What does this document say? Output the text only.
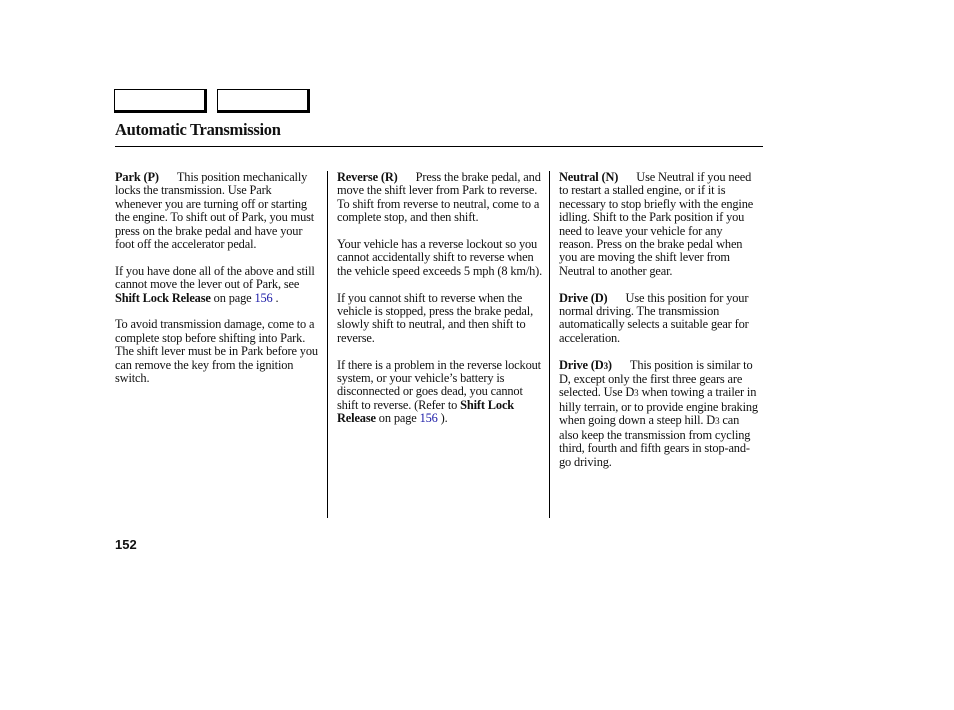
Automatic Transmission

Park (P) This position mechanically locks the transmission. Use Park whenever you are turning off or starting the engine. To shift out of Park, you must press on the brake pedal and have your foot off the accelerator pedal.

If you have done all of the above and still cannot move the lever out of Park, see Shift Lock Release on page 156 .

To avoid transmission damage, come to a complete stop before shifting into Park. The shift lever must be in Park before you can remove the key from the ignition switch.

Reverse (R) Press the brake pedal, and move the shift lever from Park to reverse. To shift from reverse to neutral, come to a complete stop, and then shift.

Your vehicle has a reverse lockout so you cannot accidentally shift to reverse when the vehicle speed exceeds 5 mph (8 km/h).

If you cannot shift to reverse when the vehicle is stopped, press the brake pedal, slowly shift to neutral, and then shift to reverse.

If there is a problem in the reverse lockout system, or your vehicle’s battery is disconnected or goes dead, you cannot shift to reverse. (Refer to Shift Lock Release on page 156 ).

Neutral (N) Use Neutral if you need to restart a stalled engine, or if it is necessary to stop briefly with the engine idling. Shift to the Park position if you need to leave your vehicle for any reason. Press on the brake pedal when you are moving the shift lever from Neutral to another gear.

Drive (D) Use this position for your normal driving. The transmission automatically selects a suitable gear for acceleration.

Drive (D3) This position is similar to D, except only the first three gears are selected. Use D3 when towing a trailer in hilly terrain, or to provide engine braking when going down a steep hill. D3 can also keep the transmission from cycling third, fourth and fifth gears in stop-and-go driving.

152
